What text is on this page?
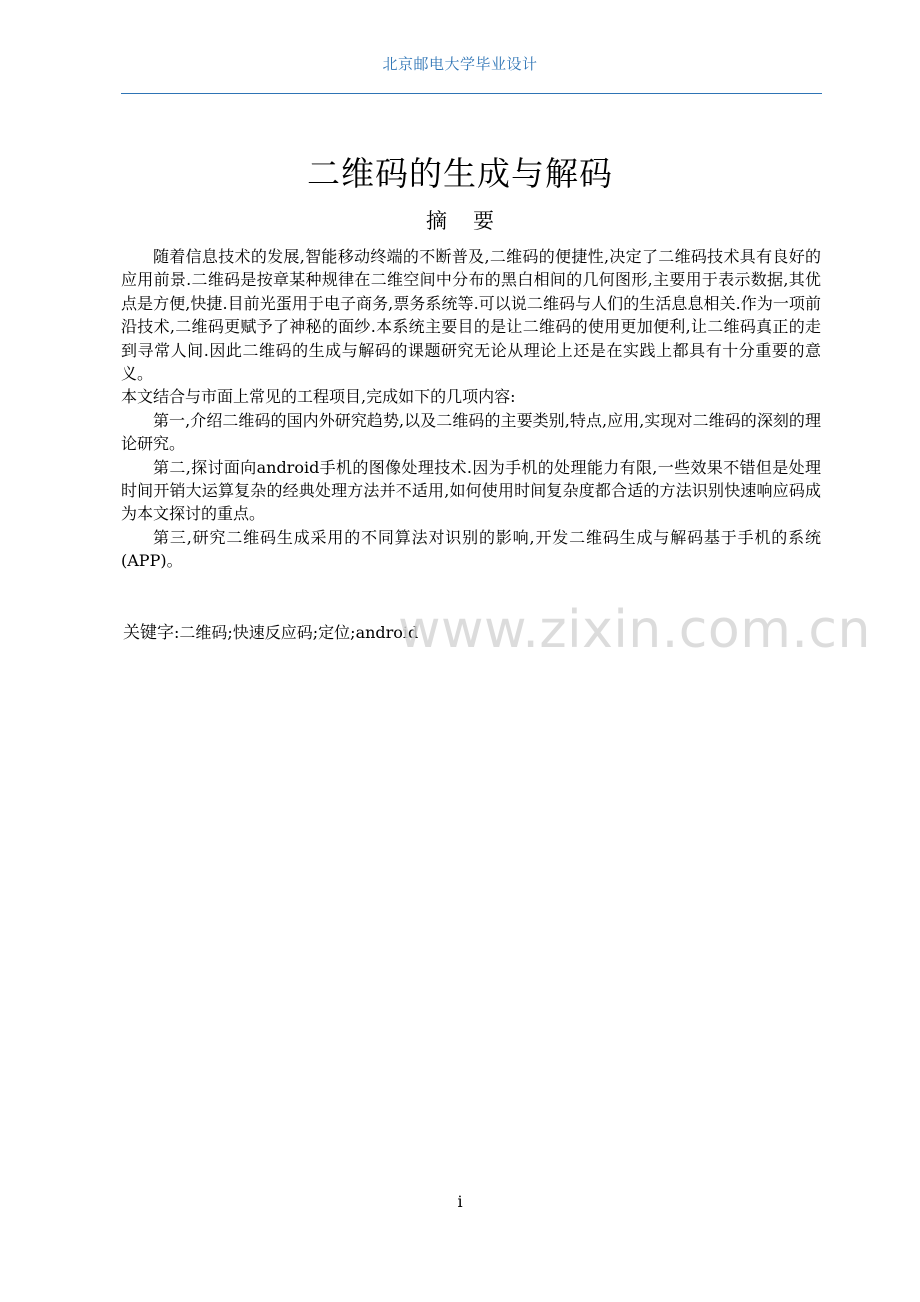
北京邮电大学毕业设计
二维码的生成与解码
摘要

随着信息技术的发展,智能移动终端的不断普及,二维码的便捷性,决定了二维码技术具有良好的应用前景.二维码是按章某种规律在二维空间中分布的黑白相间的几何图形,主要用于表示数据,其优点是方便,快捷.目前光蛋用于电子商务,票务系统等.可以说二维码与人们的生活息息相关.作为一项前沿技术,二维码更赋予了神秘的面纱.本系统主要目的是让二维码的使用更加便利,让二维码真正的走到寻常人间.因此二维码的生成与解码的课题研究无论从理论上还是在实践上都具有十分重要的意义。

本文结合与市面上常见的工程项目,完成如下的几项内容:

第一,介绍二维码的国内外研究趋势,以及二维码的主要类别,特点,应用,实现对二维码的深刻的理论研究。

第二,探讨面向android手机的图像处理技术.因为手机的处理能力有限,一些效果不错但是处理时间开销大运算复杂的经典处理方法并不适用,如何使用时间复杂度都合适的方法识别快速响应码成为本文探讨的重点。

第三,研究二维码生成采用的不同算法对识别的影响,开发二维码生成与解码基于手机的系统(APP)。

关键字:二维码;快速反应码;定位;android
www.zixin.com.cn
i
